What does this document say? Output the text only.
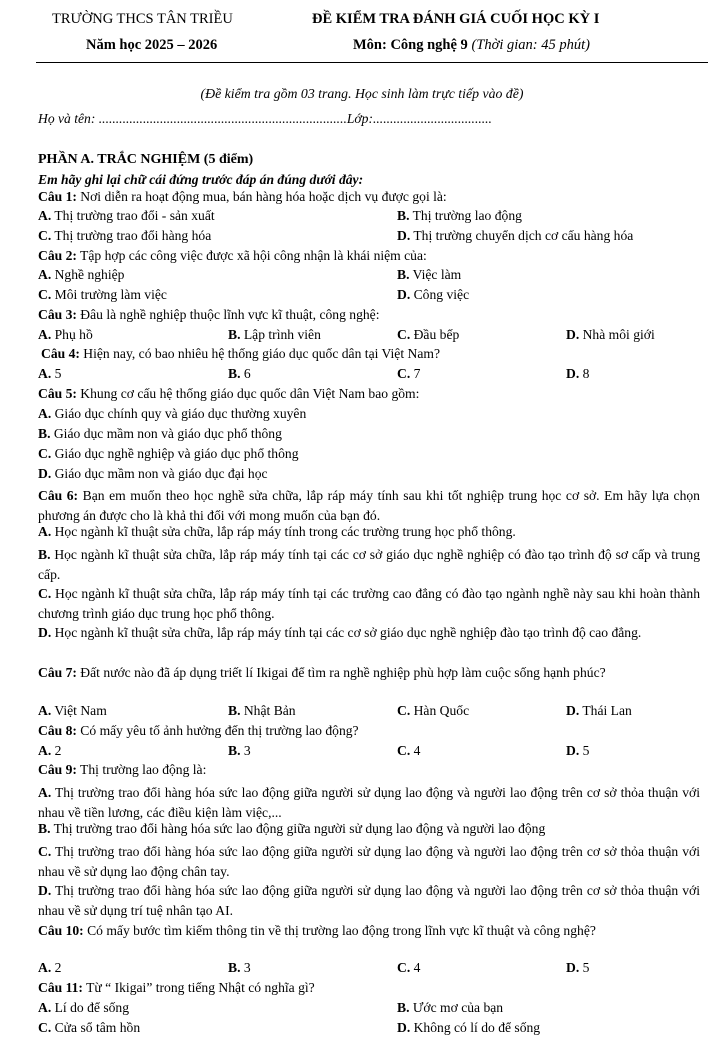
TRƯỜNG THCS TÂN TRIỀU	ĐỀ KIỂM TRA ĐÁNH GIÁ CUỐI HỌC KỲ I
Năm học 2025 – 2026	Môn: Công nghệ 9 (Thời gian: 45 phút)
(Đề kiểm tra gồm 03 trang. Học sinh làm trực tiếp vào đề)
Họ và tên: .........................................................................Lớp:...................................
PHẦN A. TRẮC NGHIỆM (5 điểm)
Em hãy ghi lại chữ cái đứng trước đáp án đúng dưới đây:
Câu 1: Nơi diễn ra hoạt động mua, bán hàng hóa hoặc dịch vụ được gọi là:
A. Thị trường trao đổi - sản xuất	B. Thị trường lao động
C. Thị trường trao đổi hàng hóa	D. Thị trường chuyển dịch cơ cấu hàng hóa
Câu 2: Tập hợp các công việc được xã hội công nhận là khái niệm của:
A. Nghề nghiệp	B. Việc làm
C. Môi trường làm việc	D. Công việc
Câu 3: Đâu là nghề nghiệp thuộc lĩnh vực kĩ thuật, công nghệ:
A. Phụ hồ	B. Lập trình viên	C. Đầu bếp	D. Nhà môi giới
Câu 4: Hiện nay, có bao nhiêu hệ thống giáo dục quốc dân tại Việt Nam?
A. 5	B. 6	C. 7	D. 8
Câu 5: Khung cơ cấu hệ thống giáo dục quốc dân Việt Nam bao gồm:
A. Giáo dục chính quy và giáo dục thường xuyên
B. Giáo dục mầm non và giáo dục phổ thông
C. Giáo dục nghề nghiệp và giáo dục phổ thông
D. Giáo dục mầm non và giáo dục đại học
Câu 6: Bạn em muốn theo học nghề sửa chữa, lắp ráp máy tính sau khi tốt nghiệp trung học cơ sở. Em hãy lựa chọn phương án được cho là khả thi đối với mong muốn của bạn đó.
A. Học ngành kĩ thuật sửa chữa, lắp ráp máy tính trong các trường trung học phổ thông.
B. Học ngành kĩ thuật sửa chữa, lắp ráp máy tính tại các cơ sở giáo dục nghề nghiệp có đào tạo trình độ sơ cấp và trung cấp.
C. Học ngành kĩ thuật sửa chữa, lắp ráp máy tính tại các trường cao đẳng có đào tạo ngành nghề này sau khi hoàn thành chương trình giáo dục trung học phổ thông.
D. Học ngành kĩ thuật sửa chữa, lắp ráp máy tính tại các cơ sở giáo dục nghề nghiệp đào tạo trình độ cao đẳng.
Câu 7: Đất nước nào đã áp dụng triết lí Ikigai để tìm ra nghề nghiệp phù hợp làm cuộc sống hạnh phúc?
A. Việt Nam	B. Nhật Bản	C. Hàn Quốc	D. Thái Lan
Câu 8: Có mấy yêu tố ảnh hưởng đến thị trường lao động?
A. 2	B. 3	C. 4	D. 5
Câu 9: Thị trường lao động là:
A. Thị trường trao đổi hàng hóa sức lao động giữa người sử dụng lao động và người lao động trên cơ sở thỏa thuận với nhau về tiền lương, các điều kiện làm việc,...
B. Thị trường trao đổi hàng hóa sức lao động giữa người sử dụng lao động và người lao động
C. Thị trường trao đổi hàng hóa sức lao động giữa người sử dụng lao động và người lao động trên cơ sở thỏa thuận với nhau về sử dụng lao động chân tay.
D. Thị trường trao đổi hàng hóa sức lao động giữa người sử dụng lao động và người lao động trên cơ sở thỏa thuận với nhau về sử dụng trí tuệ nhân tạo AI.
Câu 10: Có mấy bước tìm kiếm thông tin về thị trường lao động trong lĩnh vực kĩ thuật và công nghệ?
A. 2	B. 3	C. 4	D. 5
Câu 11: Từ “ Ikigai” trong tiếng Nhật có nghĩa gì?
A. Lí do để sống	B. Ước mơ của bạn
C. Cửa sổ tâm hồn	D. Không có lí do để sống
